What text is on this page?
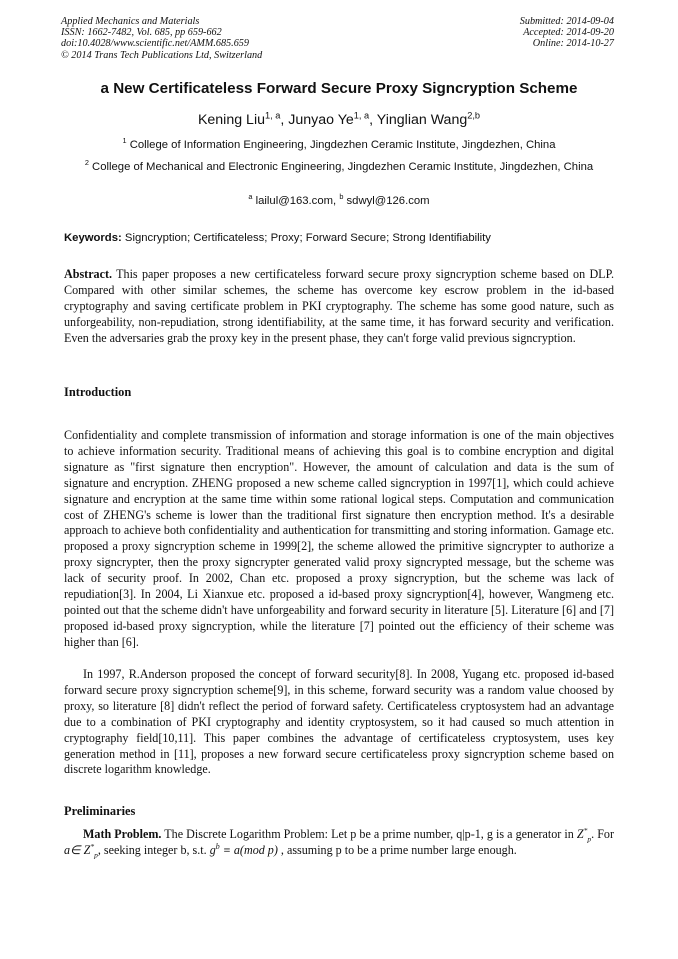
Applied Mechanics and Materials
ISSN: 1662-7482, Vol. 685, pp 659-662
doi:10.4028/www.scientific.net/AMM.685.659
© 2014 Trans Tech Publications Ltd, Switzerland
Submitted: 2014-09-04
Accepted: 2014-09-20
Online: 2014-10-27
a New Certificateless Forward Secure Proxy Signcryption Scheme
Kening Liu$^{1, a}$, Junyao Ye$^{1, a}$, Yinglian Wang$^{2,b}$
$^1$ College of Information Engineering, Jingdezhen Ceramic Institute, Jingdezhen, China
$^2$ College of Mechanical and Electronic Engineering, Jingdezhen Ceramic Institute, Jingdezhen, China
$^a$ lailul@163.com, $^b$ sdwyl@126.com
Keywords: Signcryption; Certificateless; Proxy; Forward Secure; Strong Identifiability
Abstract. This paper proposes a new certificateless forward secure proxy signcryption scheme based on DLP. Compared with other similar schemes, the scheme has overcome key escrow problem in the id-based cryptography and saving certificate problem in PKI cryptography. The scheme has some good nature, such as unforgeability, non-repudiation, strong identifiability, at the same time, it has forward security and verification. Even the adversaries grab the proxy key in the present phase, they can't forge valid previous signcryption.
Introduction
Confidentiality and complete transmission of information and storage information is one of the main objectives to achieve information security. Traditional means of achieving this goal is to combine encryption and digital signature as "first signature then encryption". However, the amount of calculation and data is the sum of signature and encryption. ZHENG proposed a new scheme called signcryption in 1997[1], which could achieve signature and encryption at the same time within some rational logical steps. Computation and communication cost of ZHENG's scheme is lower than the traditional first signature then encryption method. It's a desirable approach to achieve both confidentiality and authentication for transmitting and storing information. Gamage etc. proposed a proxy signcryption scheme in 1999[2], the scheme allowed the primitive signcrypter to authorize a proxy signcrypter, then the proxy signcrypter generated valid proxy signcrypted message, but the scheme was lack of security proof. In 2002, Chan etc. proposed a proxy signcryption, but the scheme was lack of repudiation[3]. In 2004, Li Xianxue etc. proposed a id-based proxy signcryption[4], however, Wangmeng etc. pointed out that the scheme didn't have unforgeability and forward security in literature [5]. Literature [6] and [7] proposed id-based proxy signcryption, while the literature [7] pointed out the efficiency of their scheme was higher than [6].
In 1997, R.Anderson proposed the concept of forward security[8]. In 2008, Yugang etc. proposed id-based forward secure proxy signcryption scheme[9], in this scheme, forward security was a random value choosed by proxy, so literature [8] didn't reflect the period of forward safety. Certificateless cryptosystem had an advantage due to a combination of PKI cryptography and identity cryptosystem, so it had caused so much attention in cryptography field[10,11]. This paper combines the advantage of certificateless cryptosystem, uses key generation method in [11], proposes a new forward secure certificateless proxy signcryption scheme based on discrete logarithm knowledge.
Preliminaries
Math Problem. The Discrete Logarithm Problem: Let p be a prime number, q|p-1, g is a generator in $Z^*_p$. For a∈ $Z^*_p$, seeking integer b, s.t. $g^b \equiv a(mod$ p) , assuming p to be a prime number large enough.
